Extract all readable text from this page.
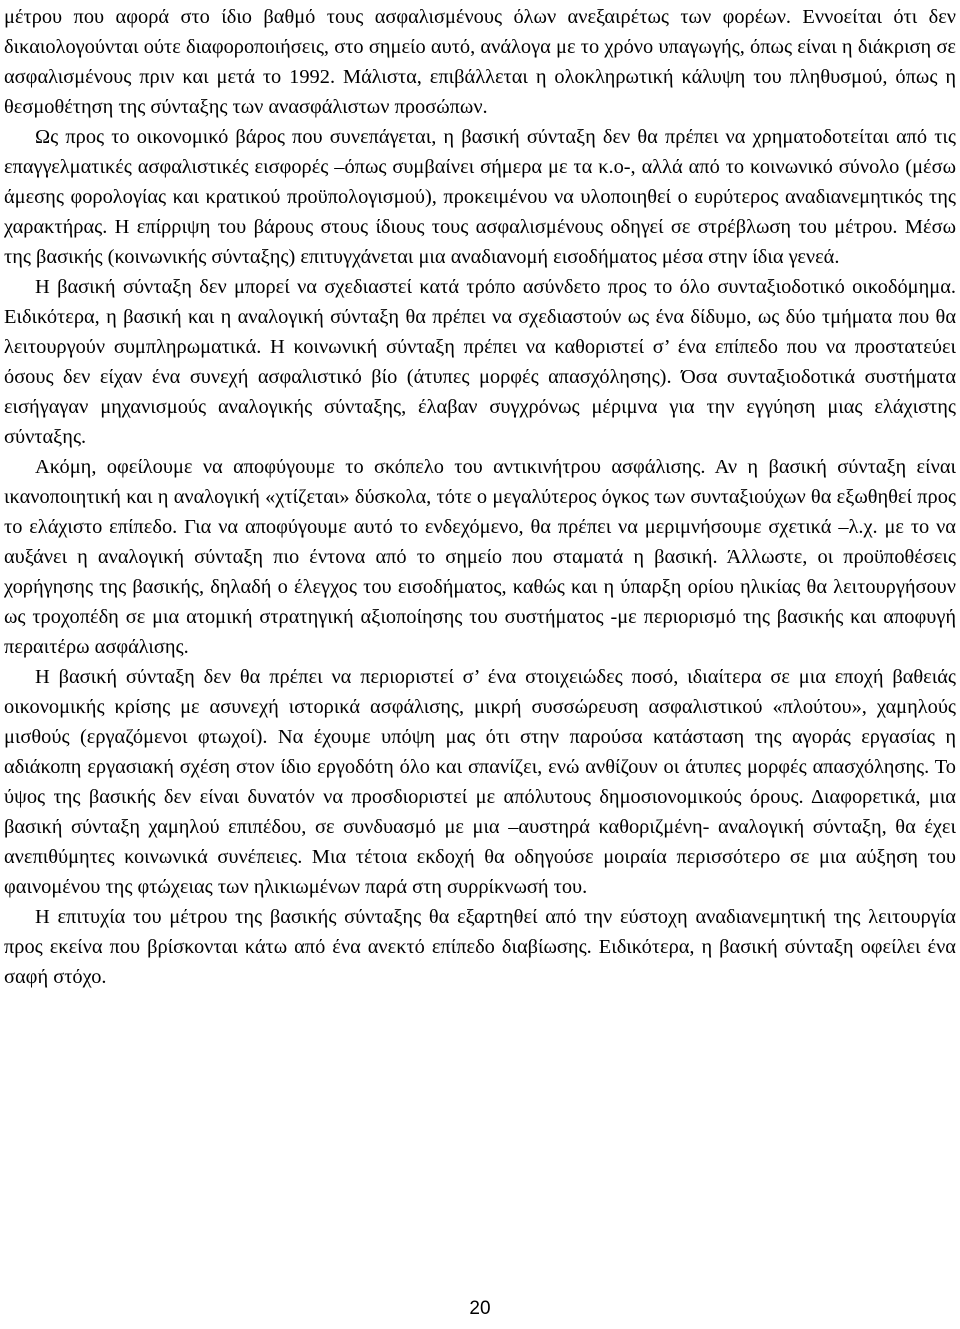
μέτρου που αφορά στο ίδιο βαθμό τους ασφαλισμένους όλων ανεξαιρέτως των φορέων. Εννοείται ότι δεν δικαιολογούνται ούτε διαφοροποιήσεις, στο σημείο αυτό, ανάλογα με το χρόνο υπαγωγής, όπως είναι η διάκριση σε ασφαλισμένους πριν και μετά το 1992. Μάλιστα, επιβάλλεται η ολοκληρωτική κάλυψη του πληθυσμού, όπως η θεσμοθέτηση της σύνταξης των ανασφάλιστων προσώπων.

Ως προς το οικονομικό βάρος που συνεπάγεται, η βασική σύνταξη δεν θα πρέπει να χρηματοδοτείται από τις επαγγελματικές ασφαλιστικές εισφορές –όπως συμβαίνει σήμερα με τα κ.ο-, αλλά από το κοινωνικό σύνολο (μέσω άμεσης φορολογίας και κρατικού προϋπολογισμού), προκειμένου να υλοποιηθεί ο ευρύτερος αναδιανεμητικός της χαρακτήρας. Η επίρριψη του βάρους στους ίδιους τους ασφαλισμένους οδηγεί σε στρέβλωση του μέτρου. Μέσω της βασικής (κοινωνικής σύνταξης) επιτυγχάνεται μια αναδιανομή εισοδήματος μέσα στην ίδια γενεά.

Η βασική σύνταξη δεν μπορεί να σχεδιαστεί κατά τρόπο ασύνδετο προς το όλο συνταξιοδοτικό οικοδόμημα. Ειδικότερα, η βασική και η αναλογική σύνταξη θα πρέπει να σχεδιαστούν ως ένα δίδυμο, ως δύο τμήματα που θα λειτουργούν συμπληρωματικά. Η κοινωνική σύνταξη πρέπει να καθοριστεί σ’ ένα επίπεδο που να προστατεύει όσους δεν είχαν ένα συνεχή ασφαλιστικό βίο (άτυπες μορφές απασχόλησης). Όσα συνταξιοδοτικά συστήματα εισήγαγαν μηχανισμούς αναλογικής σύνταξης, έλαβαν συγχρόνως μέριμνα για την εγγύηση μιας ελάχιστης σύνταξης.

Ακόμη, οφείλουμε να αποφύγουμε το σκόπελο του αντικινήτρου ασφάλισης. Αν η βασική σύνταξη είναι ικανοποιητική και η αναλογική «χτίζεται» δύσκολα, τότε ο μεγαλύτερος όγκος των συνταξιούχων θα εξωθηθεί προς το ελάχιστο επίπεδο. Για να αποφύγουμε αυτό το ενδεχόμενο, θα πρέπει να μεριμνήσουμε σχετικά –λ.χ. με το να αυξάνει η αναλογική σύνταξη πιο έντονα από το σημείο που σταματά η βασική. Άλλωστε, οι προϋποθέσεις χορήγησης της βασικής, δηλαδή ο έλεγχος του εισοδήματος, καθώς και η ύπαρξη ορίου ηλικίας θα λειτουργήσουν ως τροχοπέδη σε μια ατομική στρατηγική αξιοποίησης του συστήματος -με περιορισμό της βασικής και αποφυγή περαιτέρω ασφάλισης.

Η βασική σύνταξη δεν θα πρέπει να περιοριστεί σ’ ένα στοιχειώδες ποσό, ιδιαίτερα σε μια εποχή βαθειάς οικονομικής κρίσης με ασυνεχή ιστορικά ασφάλισης, μικρή συσσώρευση ασφαλιστικού «πλούτου», χαμηλούς μισθούς (εργαζόμενοι φτωχοί). Να έχουμε υπόψη μας ότι στην παρούσα κατάσταση της αγοράς εργασίας η αδιάκοπη εργασιακή σχέση στον ίδιο εργοδότη όλο και σπανίζει, ενώ ανθίζουν οι άτυπες μορφές απασχόλησης. Το ύψος της βασικής δεν είναι δυνατόν να προσδιοριστεί με απόλυτους δημοσιονομικούς όρους. Διαφορετικά, μια βασική σύνταξη χαμηλού επιπέδου, σε συνδυασμό με μια –αυστηρά καθοριζμένη- αναλογική σύνταξη, θα έχει ανεπιθύμητες κοινωνικά συνέπειες. Μια τέτοια εκδοχή θα οδηγούσε μοιραία περισσότερο σε μια αύξηση του φαινομένου της φτώχειας των ηλικιωμένων παρά στη συρρίκνωσή του.

Η επιτυχία του μέτρου της βασικής σύνταξης θα εξαρτηθεί από την εύστοχη αναδιανεμητική της λειτουργία προς εκείνα που βρίσκονται κάτω από ένα ανεκτό επίπεδο διαβίωσης. Ειδικότερα, η βασική σύνταξη οφείλει ένα σαφή στόχο.

20
